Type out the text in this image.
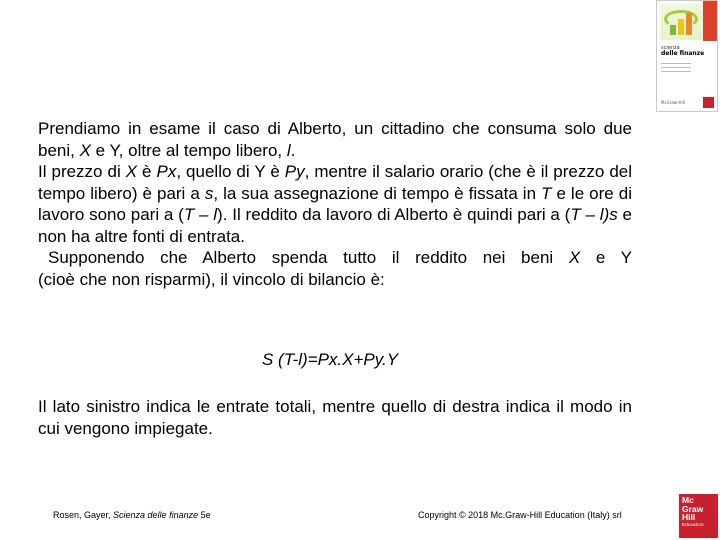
scienza
delle finanze
McGraw-Hill

Prendiamo in esame il caso di Alberto, un cittadino che consuma solo due beni, X e Y, oltre al tempo libero, l.

Il prezzo di X è Px, quello di Y è Py, mentre il salario orario (che è il prezzo del tempo libero) è pari a s, la sua assegnazione di tempo è fissata in T e le ore di lavoro sono pari a (T – l). Il reddito da lavoro di Alberto è quindi pari a (T – l)s e non ha altre fonti di entrata.

Supponendo che Alberto spenda tutto il reddito nei beni X e Y

(cioè che non risparmi), il vincolo di bilancio è:

S (T-l)=Px.X+Py.Y

Il lato sinistro indica le entrate totali, mentre quello di destra indica il modo in cui vengono impiegate.

Rosen, Gayer, Scienza delle finanze 5e	Copyright © 2018 Mc.Graw-Hill Education (Italy) srl
Mc
Graw
Hill
Education
